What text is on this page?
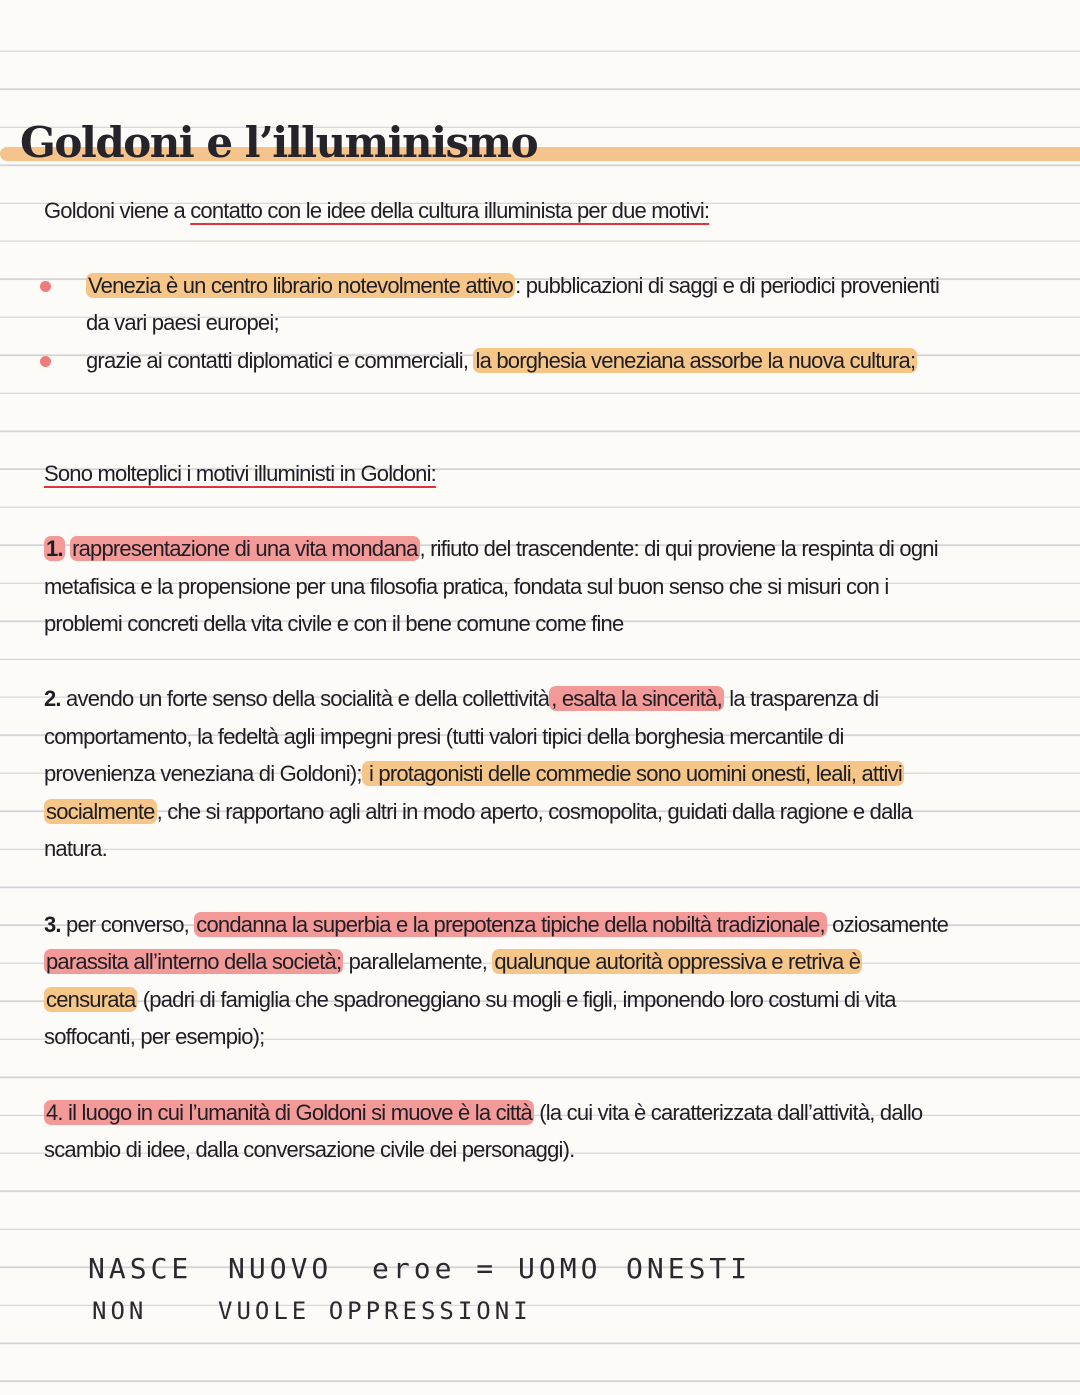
Goldoni e l’illuminismo
Goldoni viene a contatto con le idee della cultura illuminista per due motivi:
Venezia è un centro librario notevolmente attivo: pubblicazioni di saggi e di periodici provenienti
da vari paesi europei;
grazie ai contatti diplomatici e commerciali, la borghesia veneziana assorbe la nuova cultura;
Sono molteplici i motivi illuministi in Goldoni:
1. rappresentazione di una vita mondana, rifiuto del trascendente: di qui proviene la respinta di ogni
metafisica e la propensione per una filosofia pratica, fondata sul buon senso che si misuri con i
problemi concreti della vita civile e con il bene comune come fine
2. avendo un forte senso della socialità e della collettività, esalta la sincerità, la trasparenza di
comportamento, la fedeltà agli impegni presi (tutti valori tipici della borghesia mercantile di
provenienza veneziana di Goldoni); i protagonisti delle commedie sono uomini onesti, leali, attivi
socialmente, che si rapportano agli altri in modo aperto, cosmopolita, guidati dalla ragione e dalla
natura.
3. per converso, condanna la superbia e la prepotenza tipiche della nobiltà tradizionale, oziosamente
parassita all’interno della società; parallelamente, qualunque autorità oppressiva e retriva è
censurata (padri di famiglia che spadroneggiano su mogli e figli, imponendo loro costumi di vita
soffocanti, per esempio);
4. il luogo in cui l’umanità di Goldoni si muove è la città (la cui vita è caratterizzata dall’attività, dallo
scambio di idee, dalla conversazione civile dei personaggi).
NASCE NUOVO eroe = UOMO ONESTI
NON	VUOLE OPPRESSIONI
